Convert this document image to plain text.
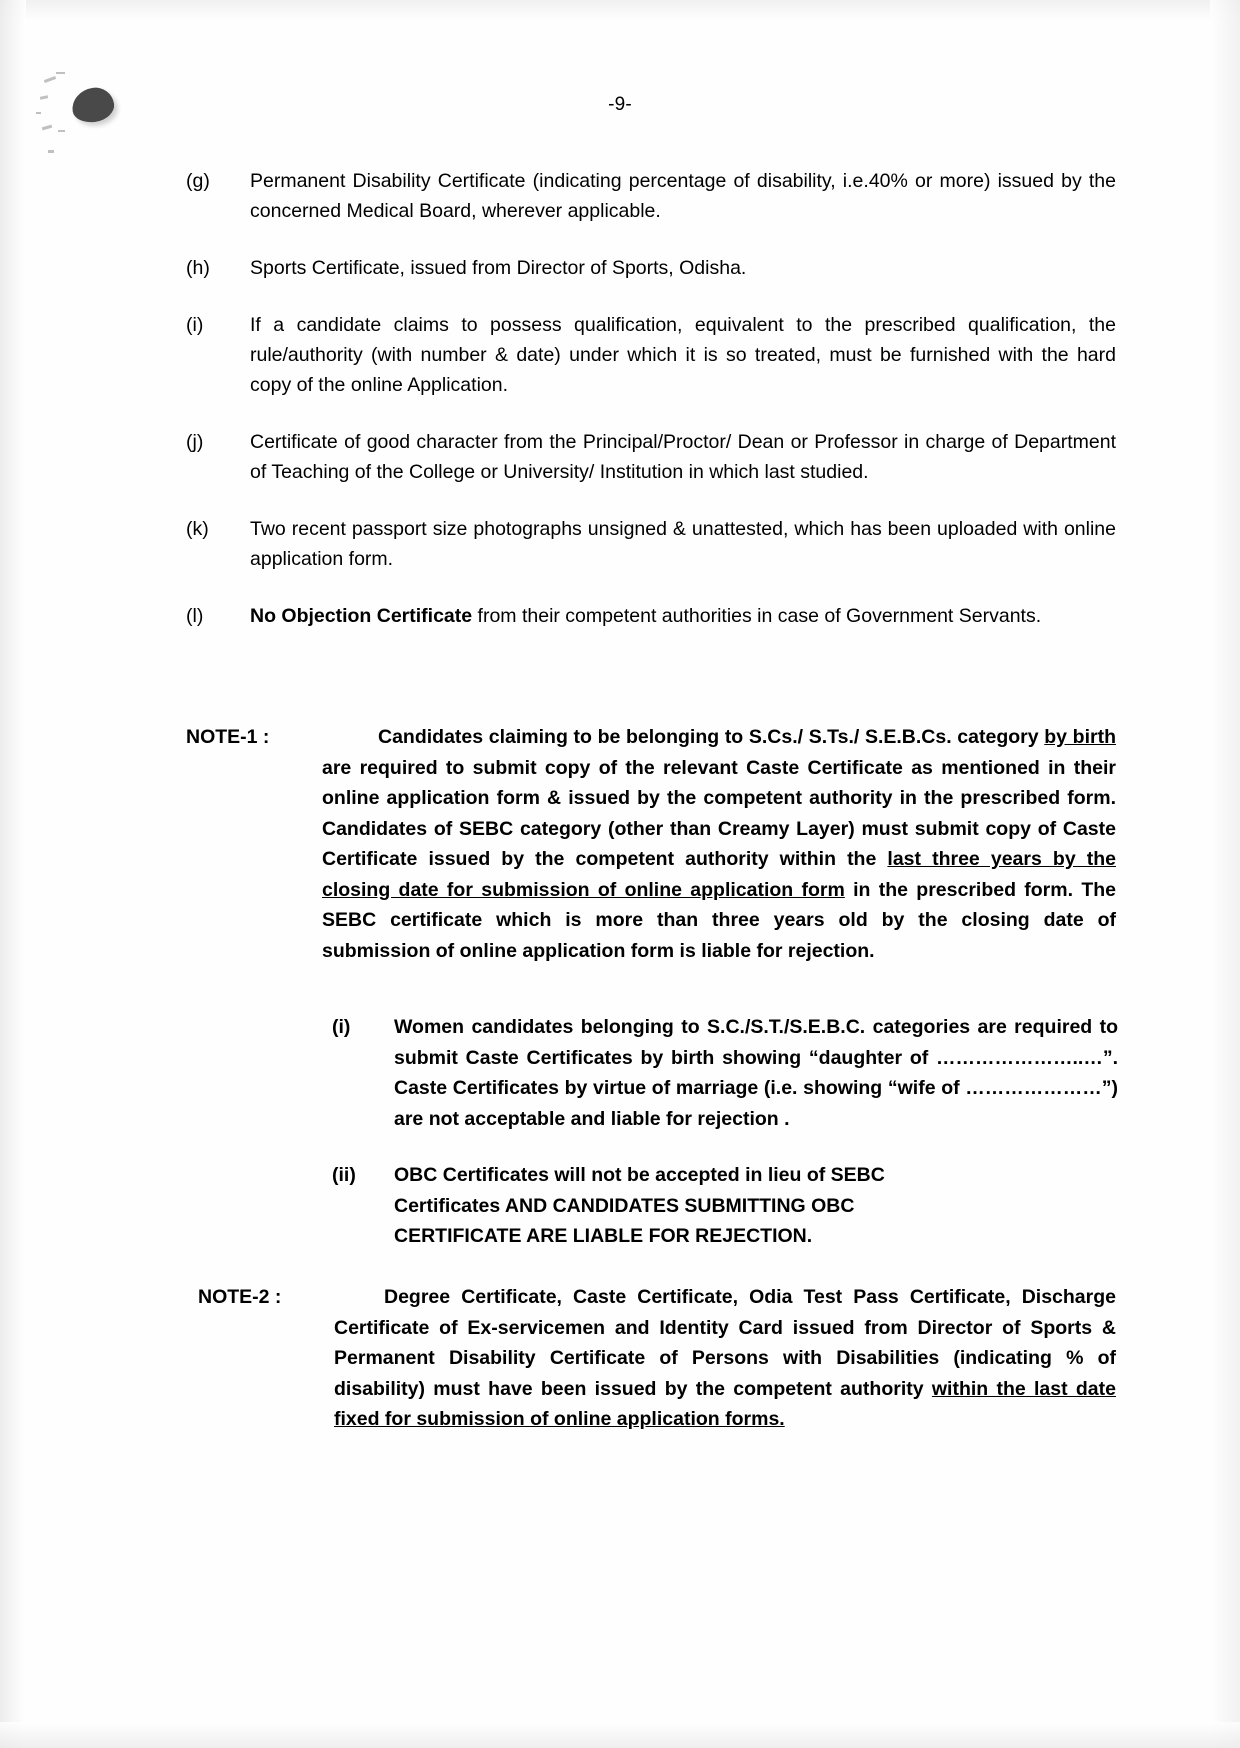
-9-
(g)	Permanent Disability Certificate (indicating percentage of disability, i.e.40% or more) issued by the concerned Medical Board, wherever applicable.
(h)	Sports Certificate, issued from Director of Sports, Odisha.
(i)	If a candidate claims to possess qualification, equivalent to the prescribed qualification, the rule/authority (with number & date) under which it is so treated, must be furnished with the hard copy of the online Application.
(j)	Certificate of good character from the Principal/Proctor/ Dean or Professor in charge of Department of Teaching of the College or University/ Institution in which last studied.
(k)	Two recent passport size photographs unsigned & unattested, which has been uploaded with online application form.
(l)	No Objection Certificate from their competent authorities in case of Government Servants.
NOTE-1 :	Candidates claiming to be belonging to S.Cs./ S.Ts./ S.E.B.Cs. category by birth are required to submit copy of the relevant Caste Certificate as mentioned in their online application form & issued by the competent authority in the prescribed form. Candidates of SEBC category (other than Creamy Layer) must submit copy of Caste Certificate issued by the competent authority within the last three years by the closing date for submission of online application form in the prescribed form. The SEBC certificate which is more than three years old by the closing date of submission of online application form is liable for rejection.
(i)	Women candidates belonging to S.C./S.T./S.E.B.C. categories are required to submit Caste Certificates by birth showing “daughter of …………………..…”. Caste Certificates by virtue of marriage (i.e. showing “wife of …………………”) are not acceptable and liable for rejection .
(ii)	OBC Certificates will not be accepted in lieu of SEBC
Certificates AND CANDIDATES SUBMITTING OBC
CERTIFICATE ARE LIABLE FOR REJECTION.
NOTE-2 :	Degree Certificate, Caste Certificate, Odia Test Pass Certificate, Discharge Certificate of Ex-servicemen and Identity Card issued from Director of Sports & Permanent Disability Certificate of Persons with Disabilities (indicating % of disability) must have been issued by the competent authority within the last date fixed for submission of online application forms.
